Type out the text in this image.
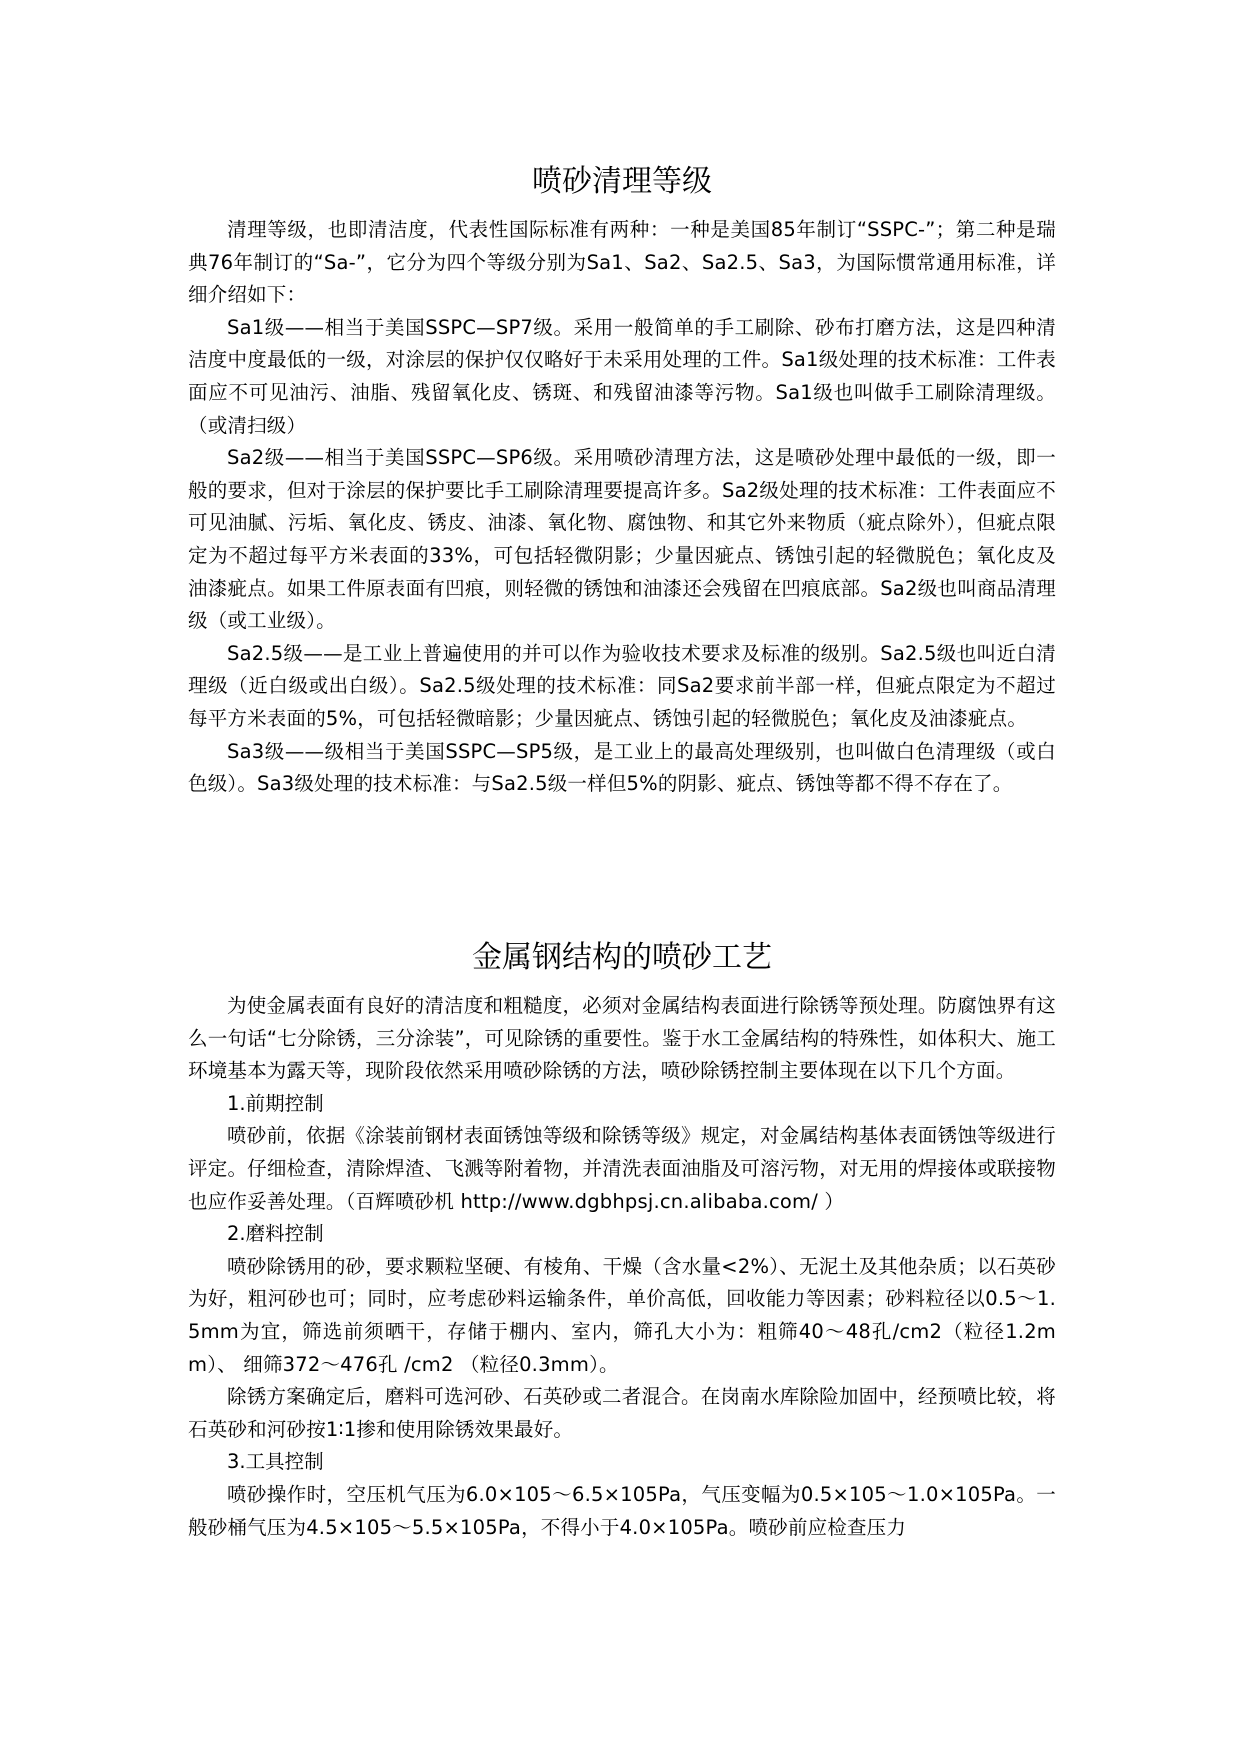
喷砂清理等级

清理等级，也即清洁度，代表性国际标准有两种：一种是美国85年制订“SSPC-”；第二种是瑞典76年制订的“Sa-”，它分为四个等级分别为Sa1、Sa2、Sa2.5、Sa3，为国际惯常通用标准，详细介绍如下：

Sa1级——相当于美国SSPC—SP7级。采用一般简单的手工刷除、砂布打磨方法，这是四种清洁度中度最低的一级，对涂层的保护仅仅略好于未采用处理的工件。Sa1级处理的技术标准：工件表面应不可见油污、油脂、残留氧化皮、锈斑、和残留油漆等污物。Sa1级也叫做手工刷除清理级。（或清扫级）

Sa2级——相当于美国SSPC—SP6级。采用喷砂清理方法，这是喷砂处理中最低的一级，即一般的要求，但对于涂层的保护要比手工刷除清理要提高许多。Sa2级处理的技术标准：工件表面应不可见油腻、污垢、氧化皮、锈皮、油漆、氧化物、腐蚀物、和其它外来物质（疵点除外），但疵点限定为不超过每平方米表面的33%，可包括轻微阴影；少量因疵点、锈蚀引起的轻微脱色；氧化皮及油漆疵点。如果工件原表面有凹痕，则轻微的锈蚀和油漆还会残留在凹痕底部。Sa2级也叫商品清理级（或工业级）。

Sa2.5级——是工业上普遍使用的并可以作为验收技术要求及标准的级别。Sa2.5级也叫近白清理级（近白级或出白级）。Sa2.5级处理的技术标准：同Sa2要求前半部一样，但疵点限定为不超过每平方米表面的5%，可包括轻微暗影；少量因疵点、锈蚀引起的轻微脱色；氧化皮及油漆疵点。

Sa3级——级相当于美国SSPC—SP5级，是工业上的最高处理级别，也叫做白色清理级（或白色级）。Sa3级处理的技术标准：与Sa2.5级一样但5%的阴影、疵点、锈蚀等都不得不存在了。

金属钢结构的喷砂工艺

为使金属表面有良好的清洁度和粗糙度，必须对金属结构表面进行除锈等预处理。防腐蚀界有这么一句话“七分除锈，三分涂装”，可见除锈的重要性。鉴于水工金属结构的特殊性，如体积大、施工环境基本为露天等，现阶段依然采用喷砂除锈的方法，喷砂除锈控制主要体现在以下几个方面。

1.前期控制

喷砂前，依据《涂装前钢材表面锈蚀等级和除锈等级》规定，对金属结构基体表面锈蚀等级进行评定。仔细检查，清除焊渣、飞溅等附着物，并清洗表面油脂及可溶污物，对无用的焊接体或联接物也应作妥善处理。（百辉喷砂机 http://www.dgbhpsj.cn.alibaba.com/ ）

2.磨料控制

喷砂除锈用的砂，要求颗粒坚硬、有棱角、干燥（含水量<2%）、无泥土及其他杂质；以石英砂为好，粗河砂也可；同时，应考虑砂料运输条件，单价高低，回收能力等因素；砂料粒径以0.5～1.5mm为宜，筛选前须晒干，存储于棚内、室内，筛孔大小为：粗筛40～48孔/cm2（粒径1.2mm）、 细筛372～476孔 /cm2 （粒径0.3mm）。

除锈方案确定后，磨料可选河砂、石英砂或二者混合。在岗南水库除险加固中，经预喷比较，将石英砂和河砂按1∶1掺和使用除锈效果最好。

3.工具控制

喷砂操作时，空压机气压为6.0×105～6.5×105Pa，气压变幅为0.5×105～1.0×105Pa。一般砂桶气压为4.5×105～5.5×105Pa，不得小于4.0×105Pa。喷砂前应检查压力
